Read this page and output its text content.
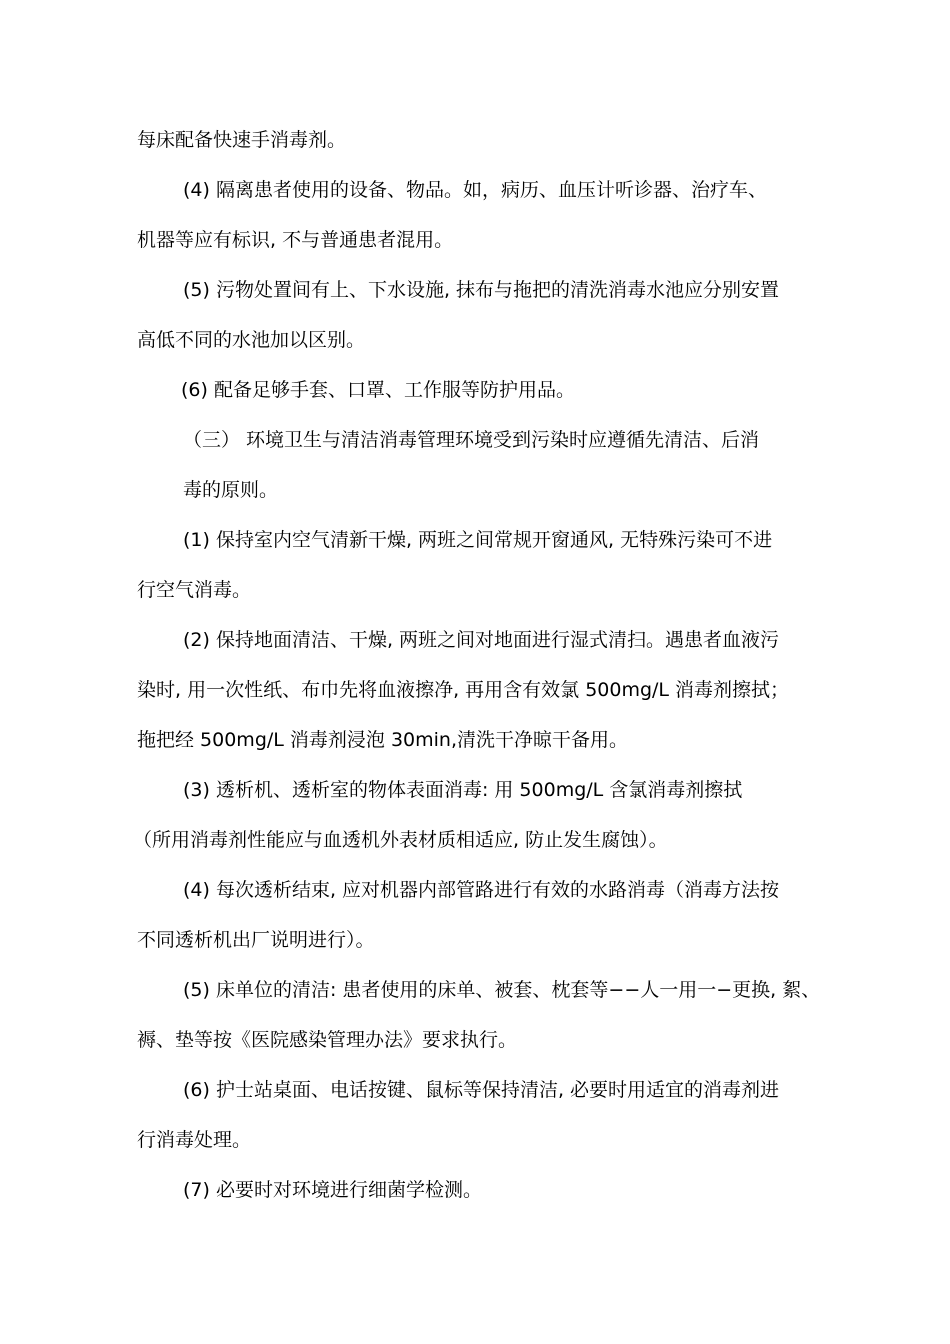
每床配备快速手消毒剂。
(4) 隔离患者使用的设备、物品。如，病历、血压计听诊器、治疗车、
机器等应有标识, 不与普通患者混用。
(5) 污物处置间有上、下水设施, 抹布与拖把的清洗消毒水池应分别安置
高低不同的水池加以区别。
(6) 配备足够手套、口罩、工作服等防护用品。
（三） 环境卫生与清洁消毒管理环境受到污染时应遵循先清洁、后消
毒的原则。
(1) 保持室内空气清新干燥, 两班之间常规开窗通风, 无特殊污染可不进
行空气消毒。
(2) 保持地面清洁、干燥, 两班之间对地面进行湿式清扫。遇患者血液污
染时, 用一次性纸、布巾先将血液擦净, 再用含有效氯 500mg/L 消毒剂擦拭；
拖把经 500mg/L 消毒剂浸泡 30min,清洗干净晾干备用。
(3) 透析机、透析室的物体表面消毒: 用 500mg/L 含氯消毒剂擦拭
（所用消毒剂性能应与血透机外表材质相适应, 防止发生腐蚀）。
(4) 每次透析结束, 应对机器内部管路进行有效的水路消毒（消毒方法按
不同透析机出厂说明进行）。
(5) 床单位的清洁: 患者使用的床单、被套、枕套等−−人一用一−更换, 絮、
褥、垫等按《医院感染管理办法》要求执行。
(6) 护士站桌面、电话按键、鼠标等保持清洁, 必要时用适宜的消毒剂进
行消毒处理。
(7) 必要时对环境进行细菌学检测。
